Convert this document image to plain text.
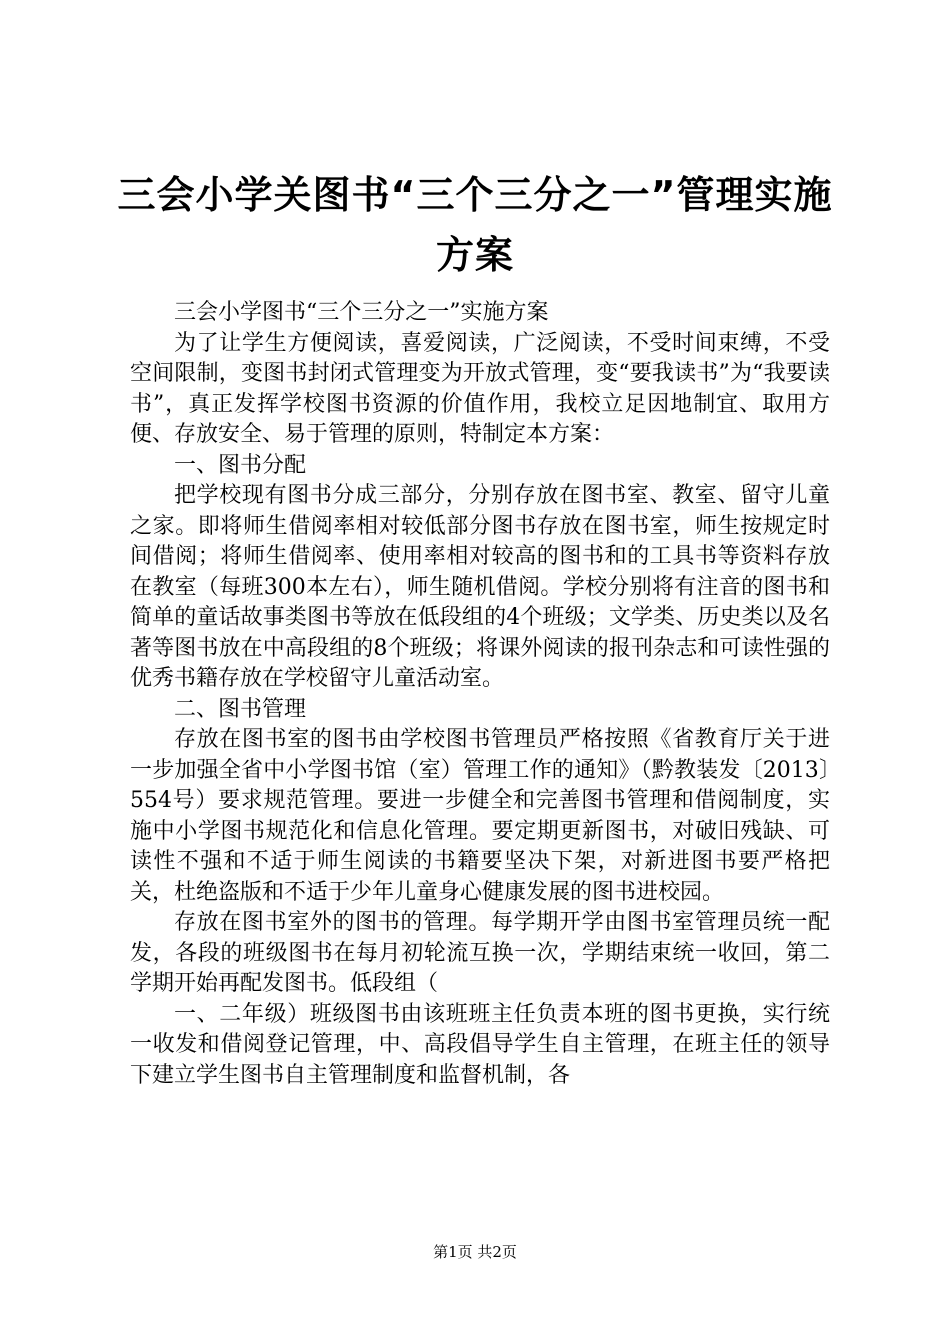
三会小学关图书“三个三分之一”管理实施方案

三会小学图书“三个三分之一”实施方案

为了让学生方便阅读，喜爱阅读，广泛阅读，不受时间束缚，不受空间限制，变图书封闭式管理变为开放式管理，变“要我读书”为“我要读书”，真正发挥学校图书资源的价值作用，我校立足因地制宜、取用方便、存放安全、易于管理的原则，特制定本方案：

一、图书分配

把学校现有图书分成三部分，分别存放在图书室、教室、留守儿童之家。即将师生借阅率相对较低部分图书存放在图书室，师生按规定时间借阅；将师生借阅率、使用率相对较高的图书和的工具书等资料存放在教室（每班300本左右），师生随机借阅。学校分别将有注音的图书和简单的童话故事类图书等放在低段组的4个班级；文学类、历史类以及名著等图书放在中高段组的8个班级；将课外阅读的报刊杂志和可读性强的优秀书籍存放在学校留守儿童活动室。

二、图书管理

存放在图书室的图书由学校图书管理员严格按照《省教育厅关于进一步加强全省中小学图书馆（室）管理工作的通知》（黔教装发〔2013〕554号）要求规范管理。要进一步健全和完善图书管理和借阅制度，实施中小学图书规范化和信息化管理。要定期更新图书，对破旧残缺、可读性不强和不适于师生阅读的书籍要坚决下架，对新进图书要严格把关，杜绝盗版和不适于少年儿童身心健康发展的图书进校园。

存放在图书室外的图书的管理。每学期开学由图书室管理员统一配发，各段的班级图书在每月初轮流互换一次，学期结束统一收回，第二学期开始再配发图书。低段组（

一、二年级）班级图书由该班班主任负责本班的图书更换，实行统一收发和借阅登记管理，中、高段倡导学生自主管理，在班主任的领导下建立学生图书自主管理制度和监督机制，各

第1页 共2页
